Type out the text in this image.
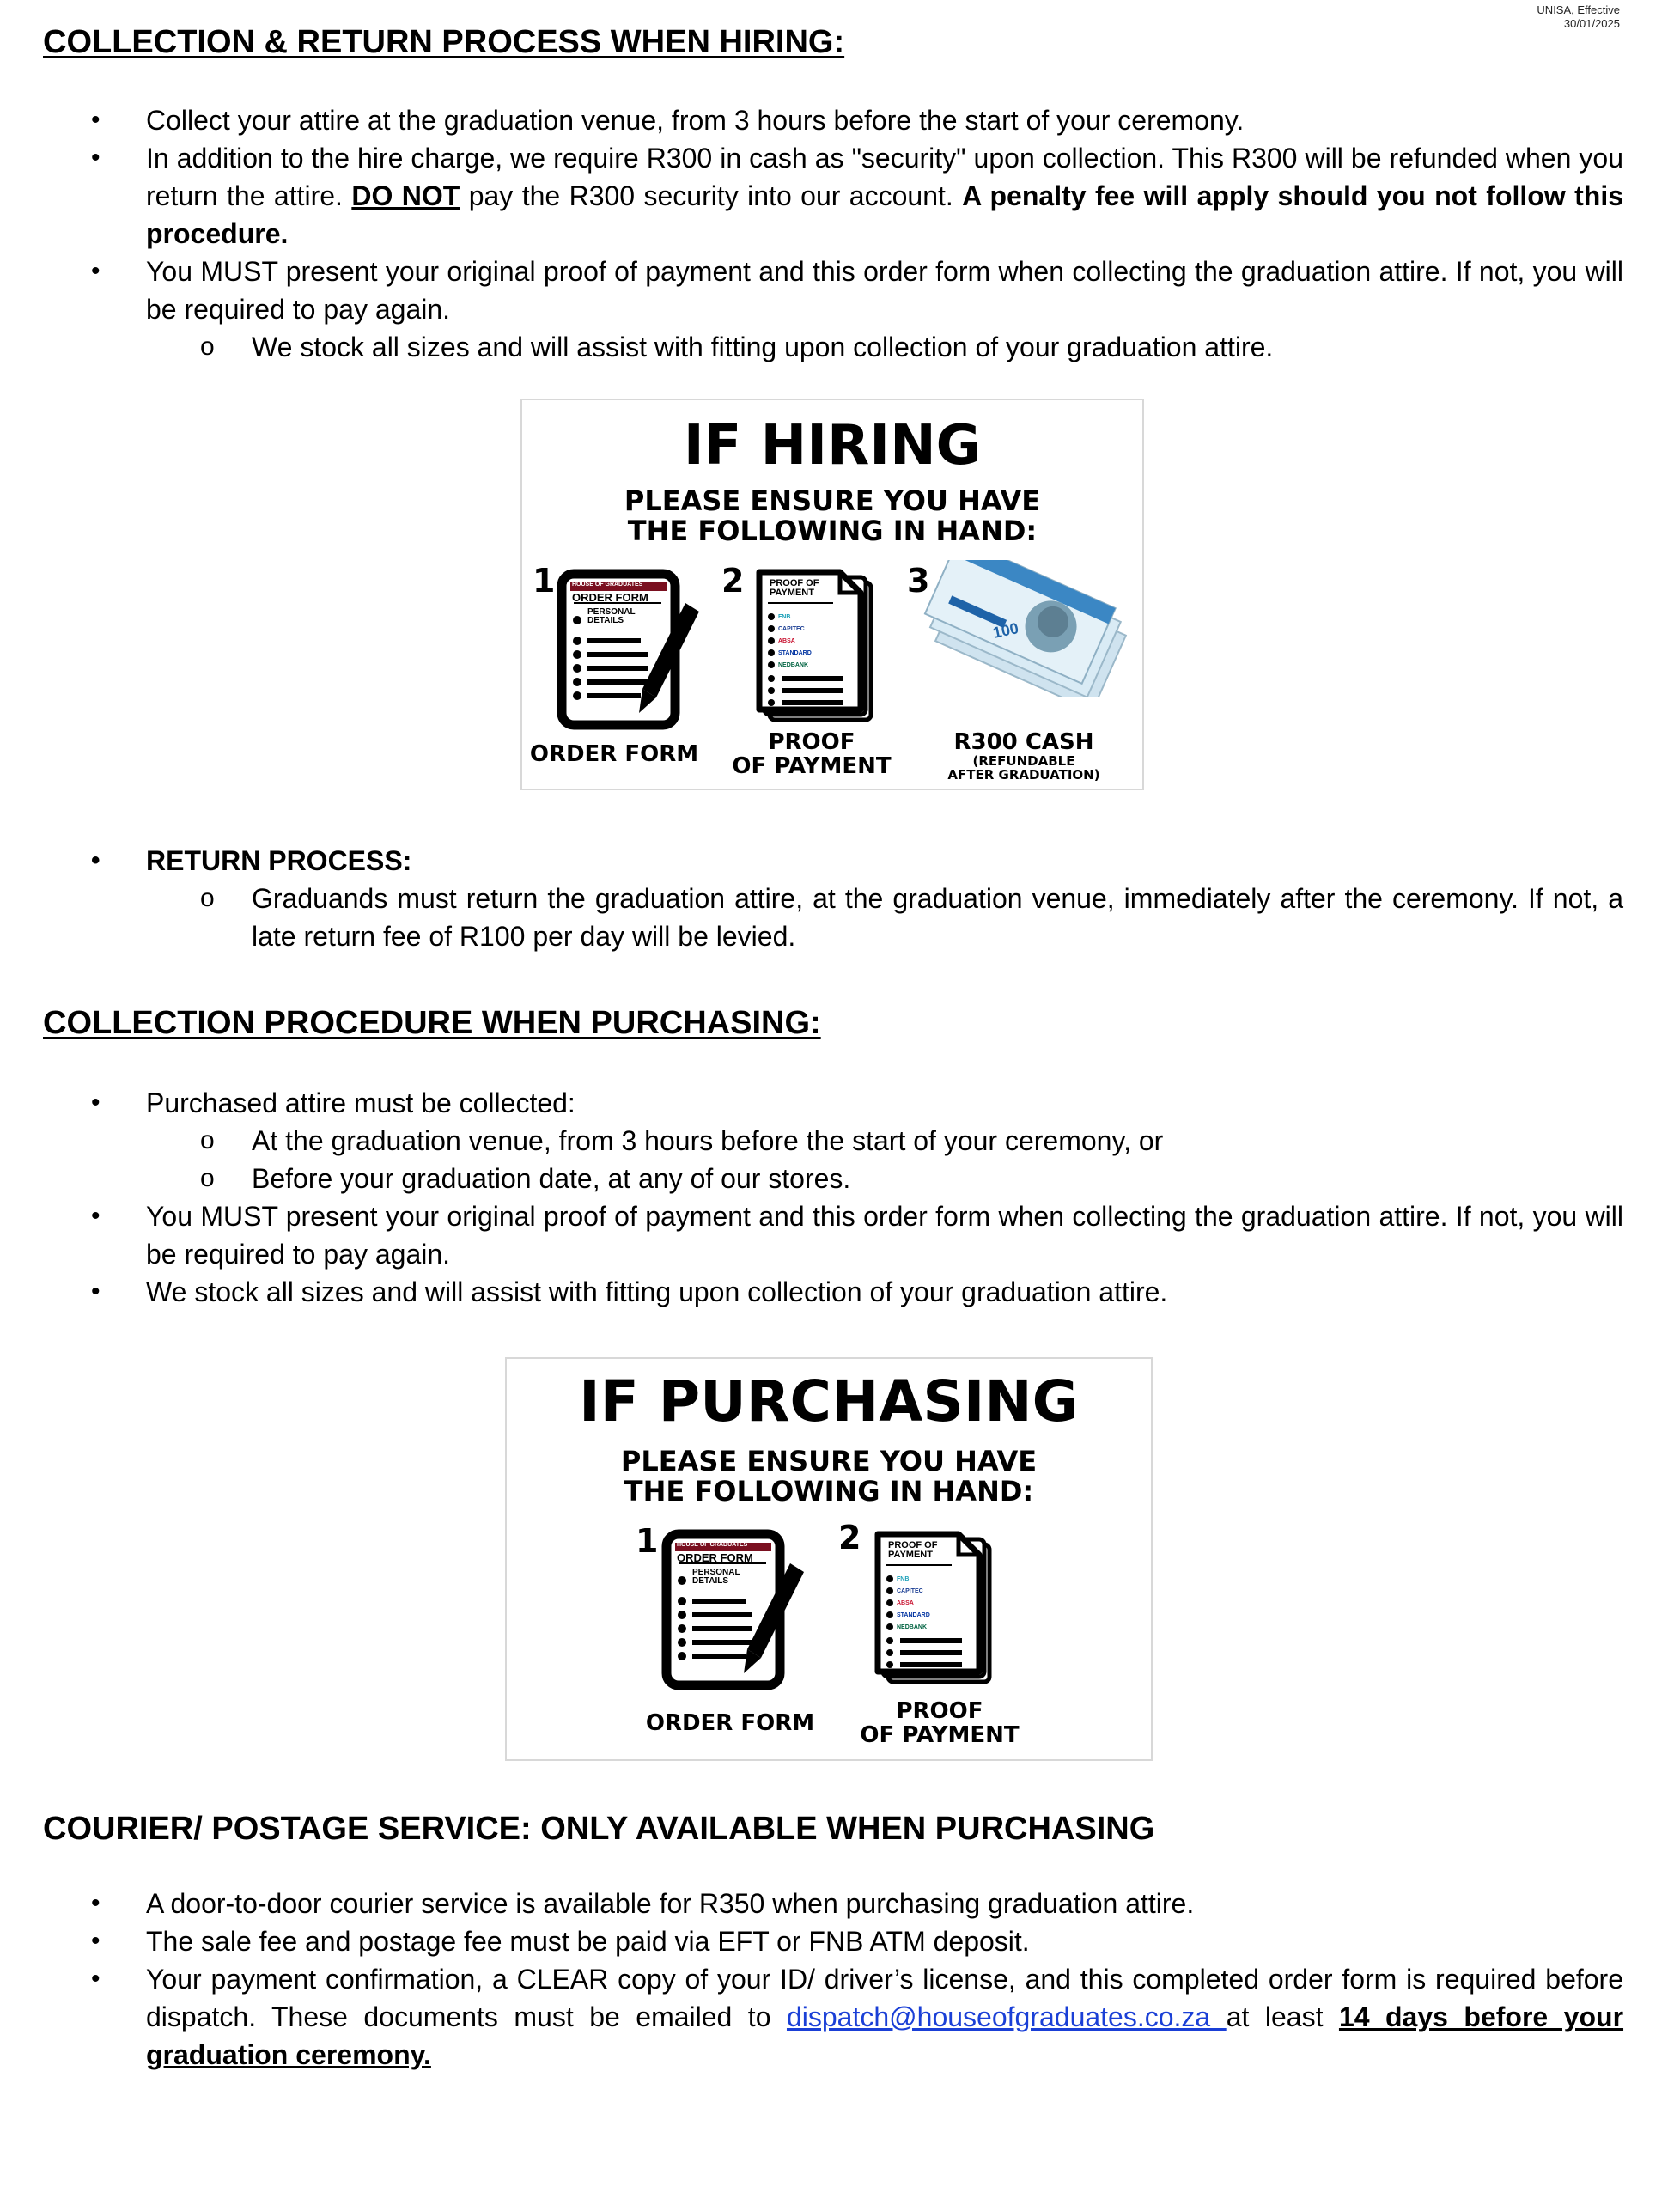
UNISA, Effective
30/01/2025
COLLECTION & RETURN PROCESS WHEN HIRING:
• Collect your attire at the graduation venue, from 3 hours before the start of your ceremony.
• In addition to the hire charge, we require R300 in cash as "security" upon collection. This R300 will be refunded when you return the attire. DO NOT pay the R300 security into our account. A penalty fee will apply should you not follow this procedure.
• You MUST present your original proof of payment and this order form when collecting the graduation attire. If not, you will be required to pay again.
o We stock all sizes and will assist with fitting upon collection of your graduation attire.
IF HIRING
PLEASE ENSURE YOU HAVE
THE FOLLOWING IN HAND:
1	2	3
HOUSE OF GRADUATES
ORDER FORM
PERSONAL
DETAILS
PROOF OF
PAYMENT
FNB
CAPITEC
ABSA
STANDARD
NEDBANK
100
ORDER FORM	PROOF
OF PAYMENT
R300 CASH
(REFUNDABLE
AFTER GRADUATION)
• RETURN PROCESS:
o Graduands must return the graduation attire, at the graduation venue, immediately after the ceremony. If not, a late return fee of R100 per day will be levied.
COLLECTION PROCEDURE WHEN PURCHASING:
• Purchased attire must be collected:
o At the graduation venue, from 3 hours before the start of your ceremony, or
o Before your graduation date, at any of our stores.
• You MUST present your original proof of payment and this order form when collecting the graduation attire. If not, you will be required to pay again.
• We stock all sizes and will assist with fitting upon collection of your graduation attire.
IF PURCHASING
PLEASE ENSURE YOU HAVE
THE FOLLOWING IN HAND:
1	2
HOUSE OF GRADUATES
ORDER FORM
PERSONAL
DETAILS
PROOF OF
PAYMENT
FNB
CAPITEC
ABSA
STANDARD
NEDBANK
ORDER FORM	PROOF
OF PAYMENT
COURIER/ POSTAGE SERVICE: ONLY AVAILABLE WHEN PURCHASING
• A door-to-door courier service is available for R350 when purchasing graduation attire.
• The sale fee and postage fee must be paid via EFT or FNB ATM deposit.
• Your payment confirmation, a CLEAR copy of your ID/ driver’s license, and this completed order form is required before dispatch. These documents must be emailed to dispatch@houseofgraduates.co.za at least 14 days before your graduation ceremony.
